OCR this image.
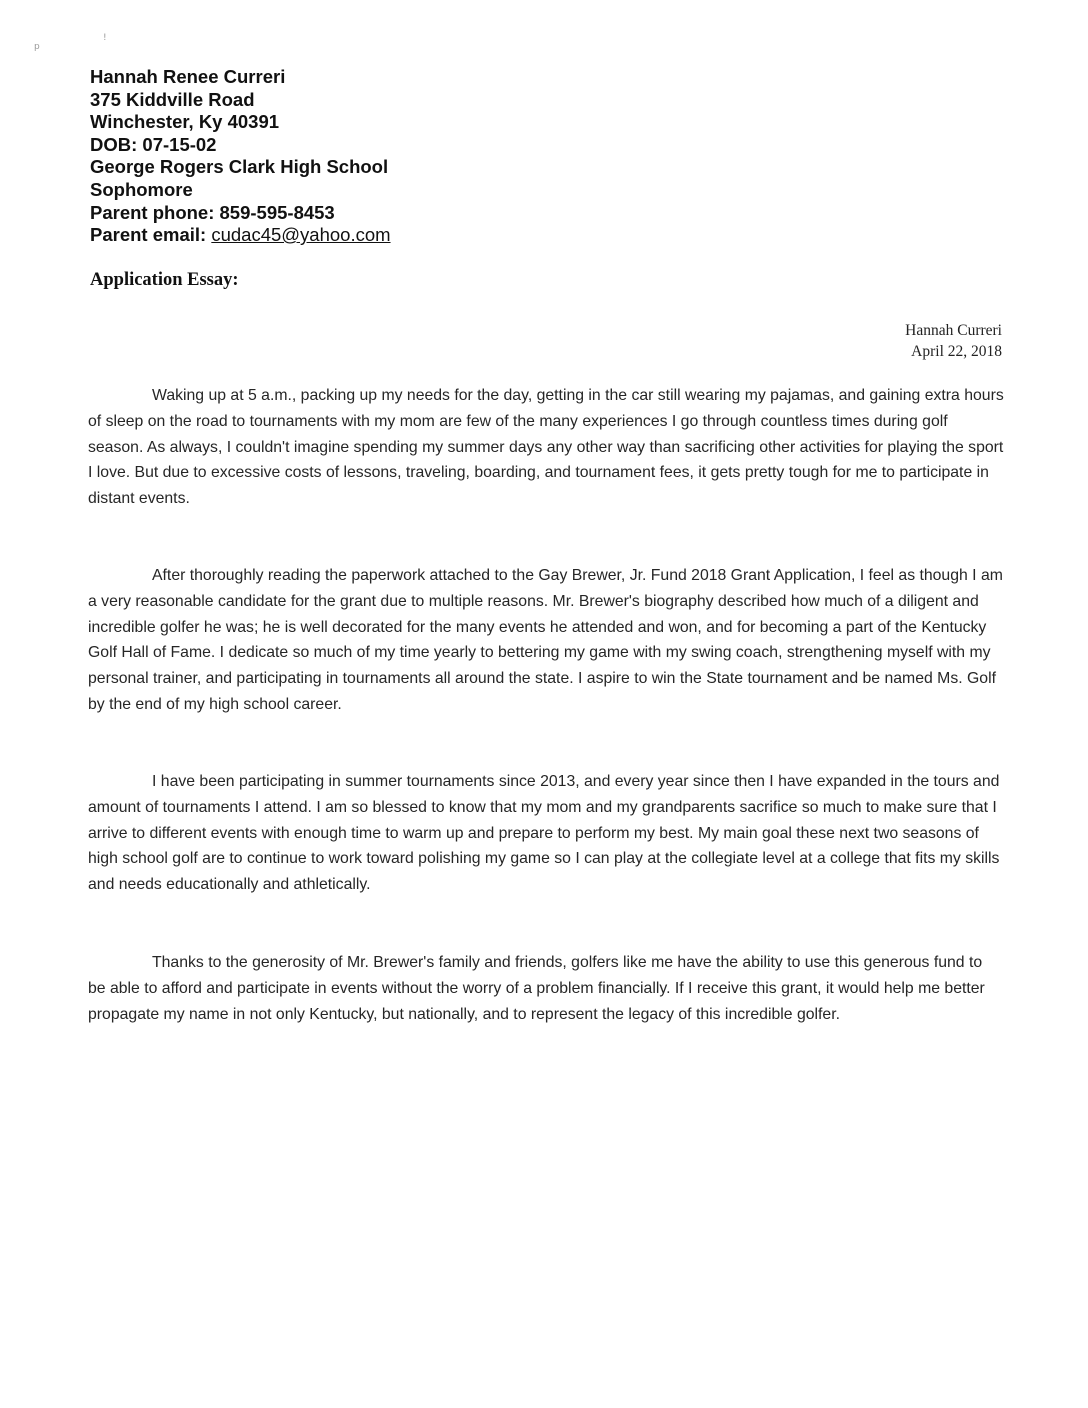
p
!
Hannah Renee Curreri
375 Kiddville Road
Winchester, Ky 40391
DOB: 07-15-02
George Rogers Clark High School
Sophomore
Parent phone: 859-595-8453
Parent email: cudac45@yahoo.com
Application Essay:
Hannah Curreri
April 22, 2018

Waking up at 5 a.m., packing up my needs for the day, getting in the car still wearing my pajamas, and gaining extra hours of sleep on the road to tournaments with my mom are few of the many experiences I go through countless times during golf season. As always, I couldn't imagine spending my summer days any other way than sacrificing other activities for playing the sport I love. But due to excessive costs of lessons, traveling, boarding, and tournament fees, it gets pretty tough for me to participate in distant events.

After thoroughly reading the paperwork attached to the Gay Brewer, Jr. Fund 2018 Grant Application, I feel as though I am a very reasonable candidate for the grant due to multiple reasons. Mr. Brewer's biography described how much of a diligent and incredible golfer he was; he is well decorated for the many events he attended and won, and for becoming a part of the Kentucky Golf Hall of Fame. I dedicate so much of my time yearly to bettering my game with my swing coach, strengthening myself with my personal trainer, and participating in tournaments all around the state. I aspire to win the State tournament and be named Ms. Golf by the end of my high school career.

I have been participating in summer tournaments since 2013, and every year since then I have expanded in the tours and amount of tournaments I attend. I am so blessed to know that my mom and my grandparents sacrifice so much to make sure that I arrive to different events with enough time to warm up and prepare to perform my best. My main goal these next two seasons of high school golf are to continue to work toward polishing my game so I can play at the collegiate level at a college that fits my skills and needs educationally and athletically.

Thanks to the generosity of Mr. Brewer's family and friends, golfers like me have the ability to use this generous fund to be able to afford and participate in events without the worry of a problem financially. If I receive this grant, it would help me better propagate my name in not only Kentucky, but nationally, and to represent the legacy of this incredible golfer.
